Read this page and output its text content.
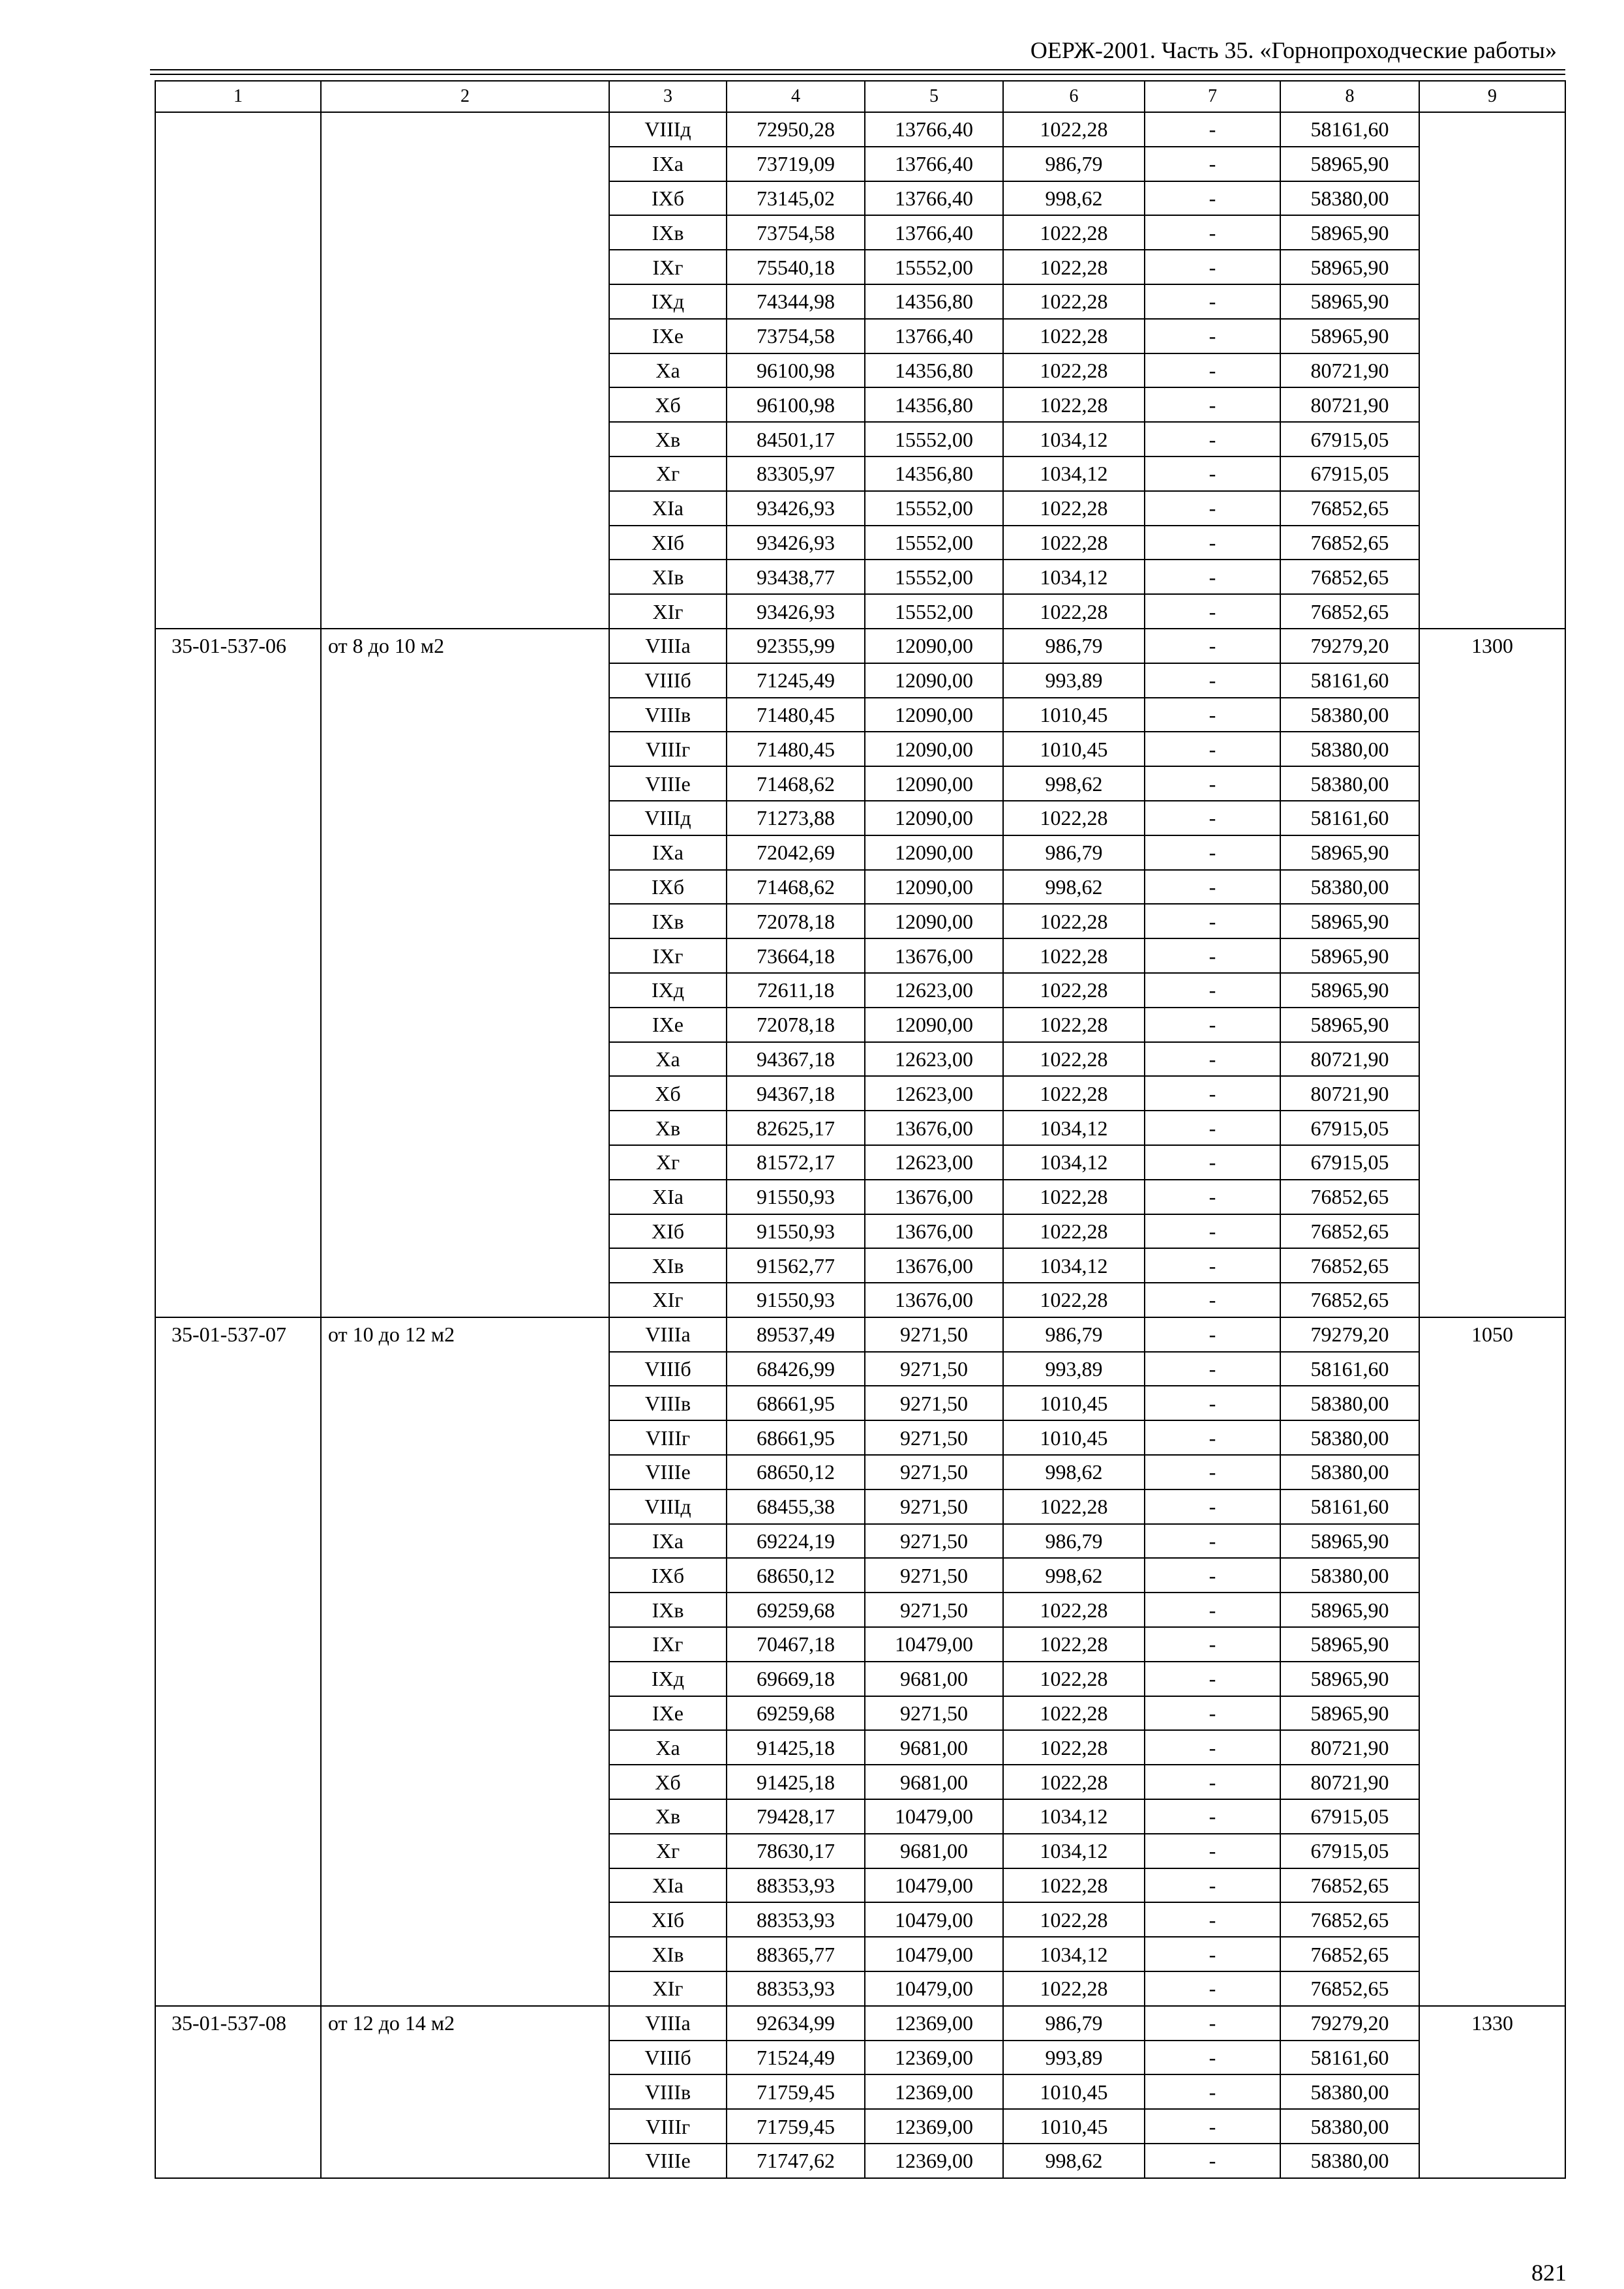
ОЕРЖ-2001. Часть 35. «Горнопроходческие работы»
1	2	3	4	5	6	7	8	9
		VIIIд	72950,28	13766,40	1022,28	-	58161,60	
		IXа	73719,09	13766,40	986,79	-	58965,90	
		IXб	73145,02	13766,40	998,62	-	58380,00	
		IXв	73754,58	13766,40	1022,28	-	58965,90	
		IXг	75540,18	15552,00	1022,28	-	58965,90	
		IXд	74344,98	14356,80	1022,28	-	58965,90	
		IXе	73754,58	13766,40	1022,28	-	58965,90	
		Xа	96100,98	14356,80	1022,28	-	80721,90	
		Xб	96100,98	14356,80	1022,28	-	80721,90	
		Xв	84501,17	15552,00	1034,12	-	67915,05	
		Xг	83305,97	14356,80	1034,12	-	67915,05	
		XIа	93426,93	15552,00	1022,28	-	76852,65	
		XIб	93426,93	15552,00	1022,28	-	76852,65	
		XIв	93438,77	15552,00	1034,12	-	76852,65	
		XIг	93426,93	15552,00	1022,28	-	76852,65	
35-01-537-06	от 8 до 10 м2	VIIIа	92355,99	12090,00	986,79	-	79279,20	1300
		VIIIб	71245,49	12090,00	993,89	-	58161,60	
		VIIIв	71480,45	12090,00	1010,45	-	58380,00	
		VIIIг	71480,45	12090,00	1010,45	-	58380,00	
		VIIIе	71468,62	12090,00	998,62	-	58380,00	
		VIIIд	71273,88	12090,00	1022,28	-	58161,60	
		IXа	72042,69	12090,00	986,79	-	58965,90	
		IXб	71468,62	12090,00	998,62	-	58380,00	
		IXв	72078,18	12090,00	1022,28	-	58965,90	
		IXг	73664,18	13676,00	1022,28	-	58965,90	
		IXд	72611,18	12623,00	1022,28	-	58965,90	
		IXе	72078,18	12090,00	1022,28	-	58965,90	
		Xа	94367,18	12623,00	1022,28	-	80721,90	
		Xб	94367,18	12623,00	1022,28	-	80721,90	
		Xв	82625,17	13676,00	1034,12	-	67915,05	
		Xг	81572,17	12623,00	1034,12	-	67915,05	
		XIа	91550,93	13676,00	1022,28	-	76852,65	
		XIб	91550,93	13676,00	1022,28	-	76852,65	
		XIв	91562,77	13676,00	1034,12	-	76852,65	
		XIг	91550,93	13676,00	1022,28	-	76852,65	
35-01-537-07	от 10 до 12 м2	VIIIа	89537,49	9271,50	986,79	-	79279,20	1050
		VIIIб	68426,99	9271,50	993,89	-	58161,60	
		VIIIв	68661,95	9271,50	1010,45	-	58380,00	
		VIIIг	68661,95	9271,50	1010,45	-	58380,00	
		VIIIе	68650,12	9271,50	998,62	-	58380,00	
		VIIIд	68455,38	9271,50	1022,28	-	58161,60	
		IXа	69224,19	9271,50	986,79	-	58965,90	
		IXб	68650,12	9271,50	998,62	-	58380,00	
		IXв	69259,68	9271,50	1022,28	-	58965,90	
		IXг	70467,18	10479,00	1022,28	-	58965,90	
		IXд	69669,18	9681,00	1022,28	-	58965,90	
		IXе	69259,68	9271,50	1022,28	-	58965,90	
		Xа	91425,18	9681,00	1022,28	-	80721,90	
		Xб	91425,18	9681,00	1022,28	-	80721,90	
		Xв	79428,17	10479,00	1034,12	-	67915,05	
		Xг	78630,17	9681,00	1034,12	-	67915,05	
		XIа	88353,93	10479,00	1022,28	-	76852,65	
		XIб	88353,93	10479,00	1022,28	-	76852,65	
		XIв	88365,77	10479,00	1034,12	-	76852,65	
		XIг	88353,93	10479,00	1022,28	-	76852,65	
35-01-537-08	от 12 до 14 м2	VIIIа	92634,99	12369,00	986,79	-	79279,20	1330
		VIIIб	71524,49	12369,00	993,89	-	58161,60	
		VIIIв	71759,45	12369,00	1010,45	-	58380,00	
		VIIIг	71759,45	12369,00	1010,45	-	58380,00	
		VIIIе	71747,62	12369,00	998,62	-	58380,00	
821
